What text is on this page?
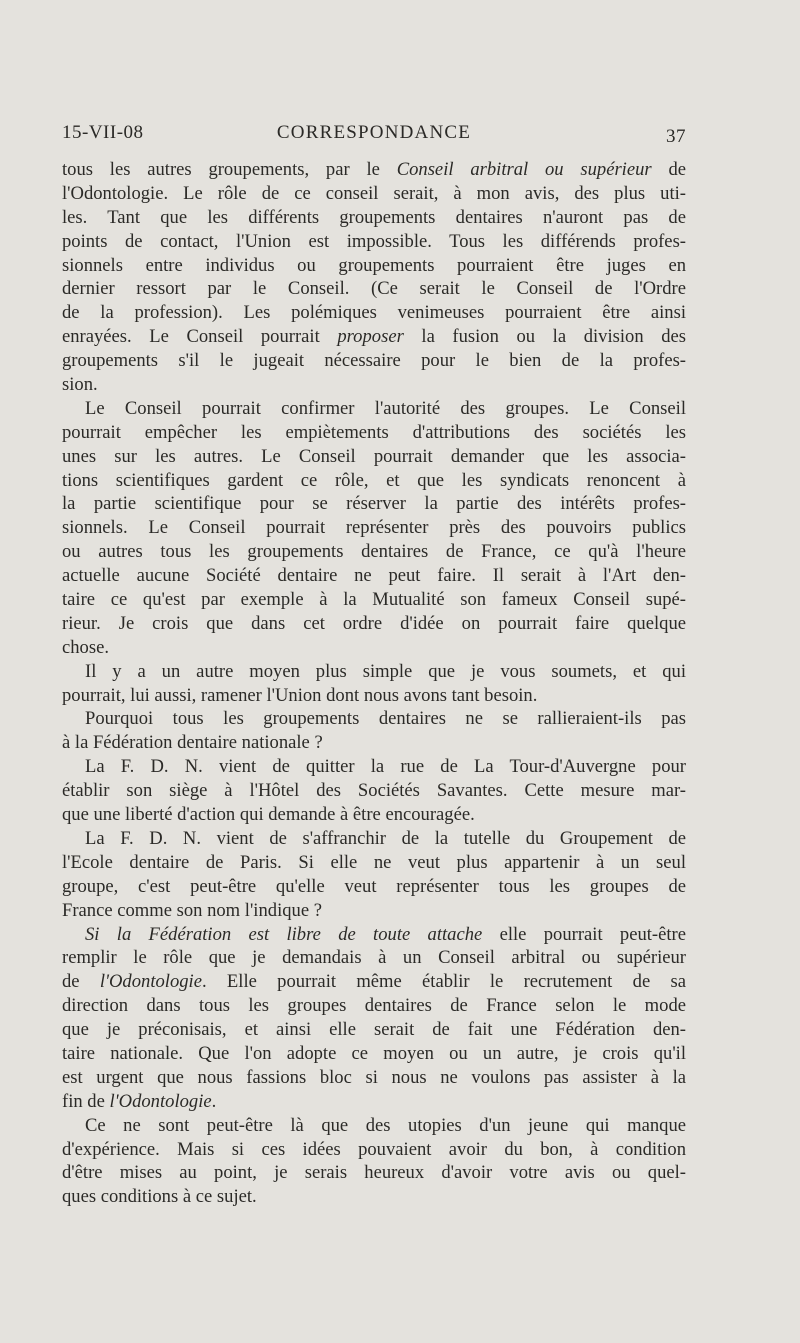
15-VII-08	CORRESPONDANCE	37
tous les autres groupements, par le Conseil arbitral ou supérieur de
l'Odontologie. Le rôle de ce conseil serait, à mon avis, des plus uti-
les. Tant que les différents groupements dentaires n'auront pas de
points de contact, l'Union est impossible. Tous les différends profes-
sionnels entre individus ou groupements pourraient être juges en
dernier ressort par le Conseil. (Ce serait le Conseil de l'Ordre
de la profession). Les polémiques venimeuses pourraient être ainsi
enrayées. Le Conseil pourrait proposer la fusion ou la division des
groupements s'il le jugeait nécessaire pour le bien de la profes-
sion.
Le Conseil pourrait confirmer l'autorité des groupes. Le Conseil
pourrait empêcher les empiètements d'attributions des sociétés les
unes sur les autres. Le Conseil pourrait demander que les associa-
tions scientifiques gardent ce rôle, et que les syndicats renoncent à
la partie scientifique pour se réserver la partie des intérêts profes-
sionnels. Le Conseil pourrait représenter près des pouvoirs publics
ou autres tous les groupements dentaires de France, ce qu'à l'heure
actuelle aucune Société dentaire ne peut faire. Il serait à l'Art den-
taire ce qu'est par exemple à la Mutualité son fameux Conseil supé-
rieur. Je crois que dans cet ordre d'idée on pourrait faire quelque
chose.
Il y a un autre moyen plus simple que je vous soumets, et qui
pourrait, lui aussi, ramener l'Union dont nous avons tant besoin.
Pourquoi tous les groupements dentaires ne se rallieraient-ils pas
à la Fédération dentaire nationale ?
La F. D. N. vient de quitter la rue de La Tour-d'Auvergne pour
établir son siège à l'Hôtel des Sociétés Savantes. Cette mesure mar-
que une liberté d'action qui demande à être encouragée.
La F. D. N. vient de s'affranchir de la tutelle du Groupement de
l'Ecole dentaire de Paris. Si elle ne veut plus appartenir à un seul
groupe, c'est peut-être qu'elle veut représenter tous les groupes de
France comme son nom l'indique ?
Si la Fédération est libre de toute attache elle pourrait peut-être
remplir le rôle que je demandais à un Conseil arbitral ou supérieur
de l'Odontologie. Elle pourrait même établir le recrutement de sa
direction dans tous les groupes dentaires de France selon le mode
que je préconisais, et ainsi elle serait de fait une Fédération den-
taire nationale. Que l'on adopte ce moyen ou un autre, je crois qu'il
est urgent que nous fassions bloc si nous ne voulons pas assister à la
fin de l'Odontologie.
Ce ne sont peut-être là que des utopies d'un jeune qui manque
d'expérience. Mais si ces idées pouvaient avoir du bon, à condition
d'être mises au point, je serais heureux d'avoir votre avis ou quel-
ques conditions à ce sujet.
